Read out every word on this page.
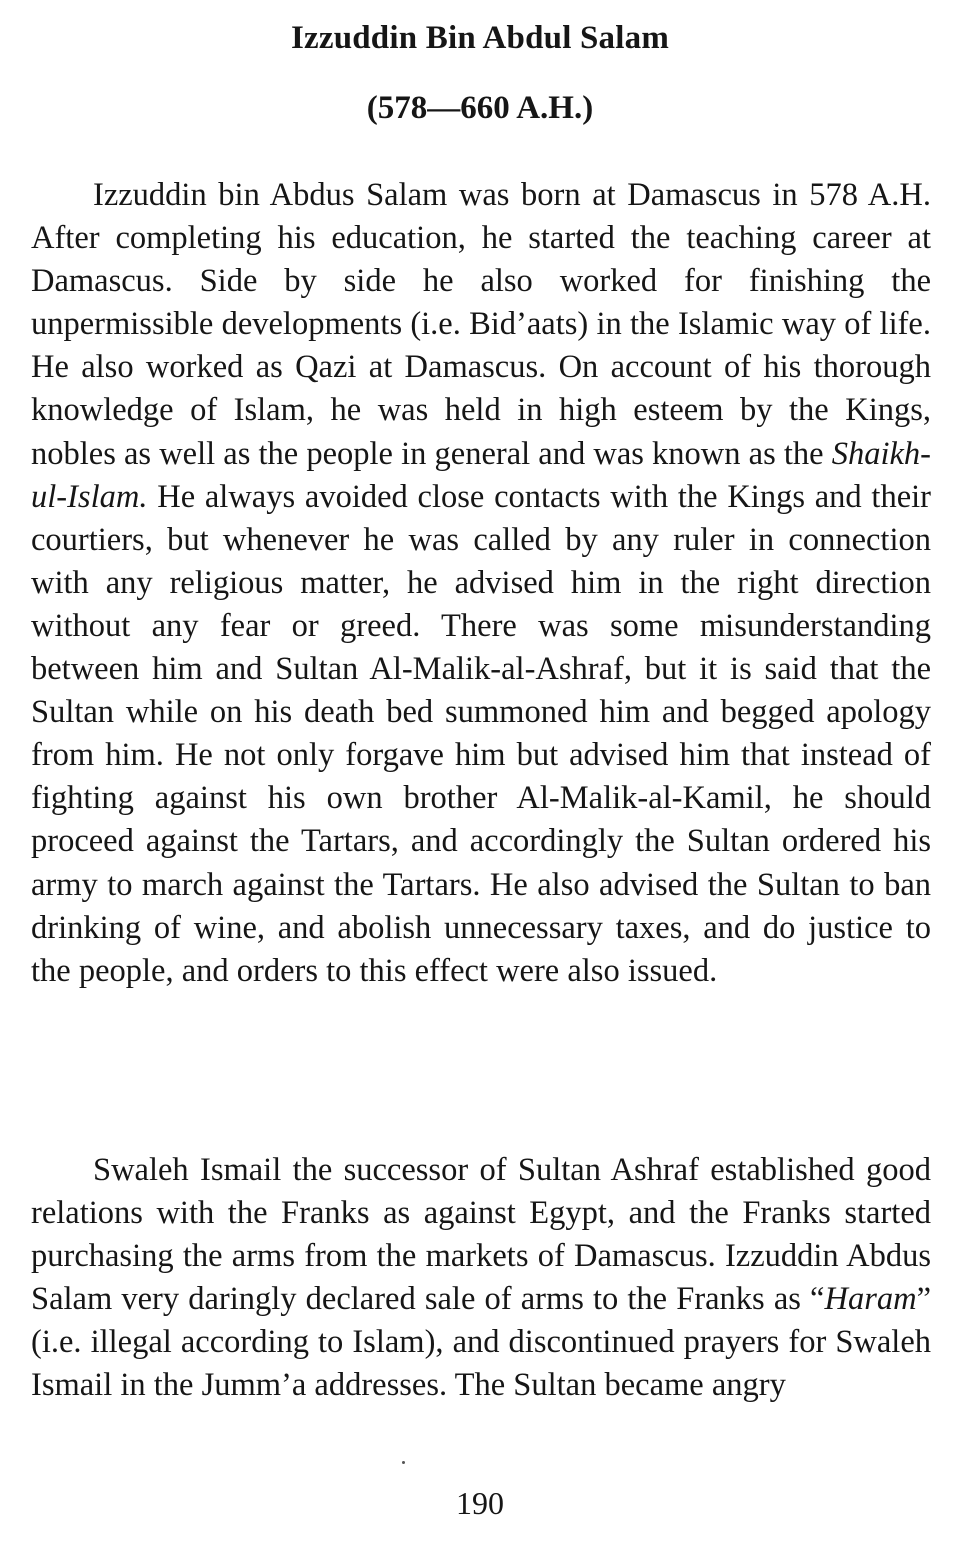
Izzuddin Bin Abdul Salam
(578—660 A.H.)

Izzuddin bin Abdus Salam was born at Damascus in 578 A.H. After completing his education, he started the teaching career at Damascus. Side by side he also worked for finishing the unpermissible developments (i.e. Bid’aats) in the Islamic way of life. He also worked as Qazi at Damascus. On account of his thorough knowledge of Islam, he was held in high esteem by the Kings, nobles as well as the people in general and was known as the Shaikh-ul-Islam. He always avoided close contacts with the Kings and their courtiers, but whenever he was called by any ruler in connection with any religious matter, he advised him in the right direction without any fear or greed. There was some misunderstanding between him and Sultan Al-Malik-al-Ashraf, but it is said that the Sultan while on his death bed summoned him and begged apology from him. He not only forgave him but advised him that instead of fighting against his own brother Al-Malik-al-Kamil, he should proceed against the Tartars, and accordingly the Sultan ordered his army to march against the Tartars. He also advised the Sultan to ban drinking of wine, and abolish unnecessary taxes, and do justice to the people, and orders to this effect were also issued.

Swaleh Ismail the successor of Sultan Ashraf established good relations with the Franks as against Egypt, and the Franks started purchasing the arms from the markets of Damascus. Izzuddin Abdus Salam very daringly declared sale of arms to the Franks as “Haram” (i.e. illegal according to Islam), and discontinued prayers for Swaleh Ismail in the Jumm’a addresses. The Sultan became angry

190
